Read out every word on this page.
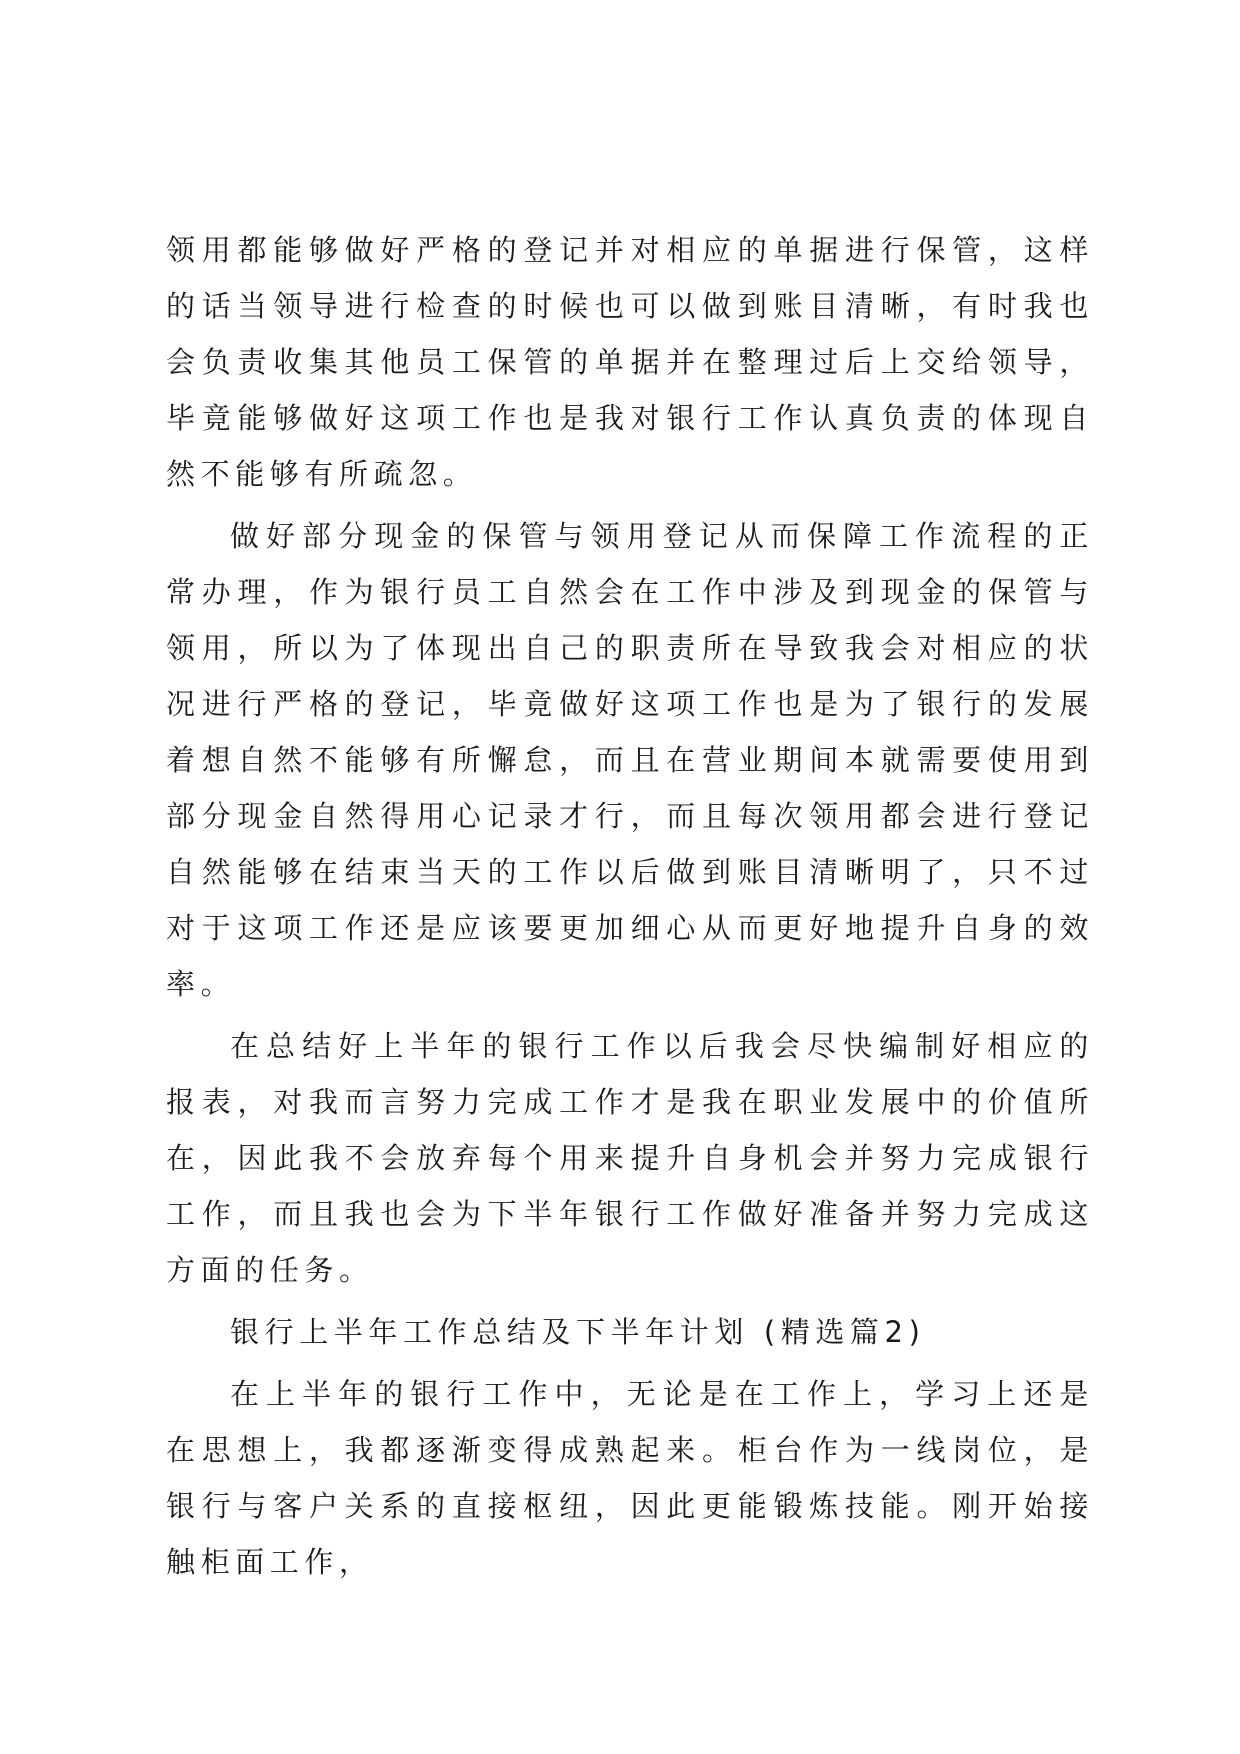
领用都能够做好严格的登记并对相应的单据进行保管，这样的话当领导进行检查的时候也可以做到账目清晰，有时我也会负责收集其他员工保管的单据并在整理过后上交给领导，毕竟能够做好这项工作也是我对银行工作认真负责的体现自然不能够有所疏忽。

做好部分现金的保管与领用登记从而保障工作流程的正常办理，作为银行员工自然会在工作中涉及到现金的保管与领用，所以为了体现出自己的职责所在导致我会对相应的状况进行严格的登记，毕竟做好这项工作也是为了银行的发展着想自然不能够有所懈怠，而且在营业期间本就需要使用到部分现金自然得用心记录才行，而且每次领用都会进行登记自然能够在结束当天的工作以后做到账目清晰明了，只不过对于这项工作还是应该要更加细心从而更好地提升自身的效率。

在总结好上半年的银行工作以后我会尽快编制好相应的报表，对我而言努力完成工作才是我在职业发展中的价值所在，因此我不会放弃每个用来提升自身机会并努力完成银行工作，而且我也会为下半年银行工作做好准备并努力完成这方面的任务。

银行上半年工作总结及下半年计划 (精选篇2)

在上半年的银行工作中，无论是在工作上，学习上还是在思想上，我都逐渐变得成熟起来。柜台作为一线岗位，是银行与客户关系的直接枢纽，因此更能锻炼技能。刚开始接触柜面工作，
